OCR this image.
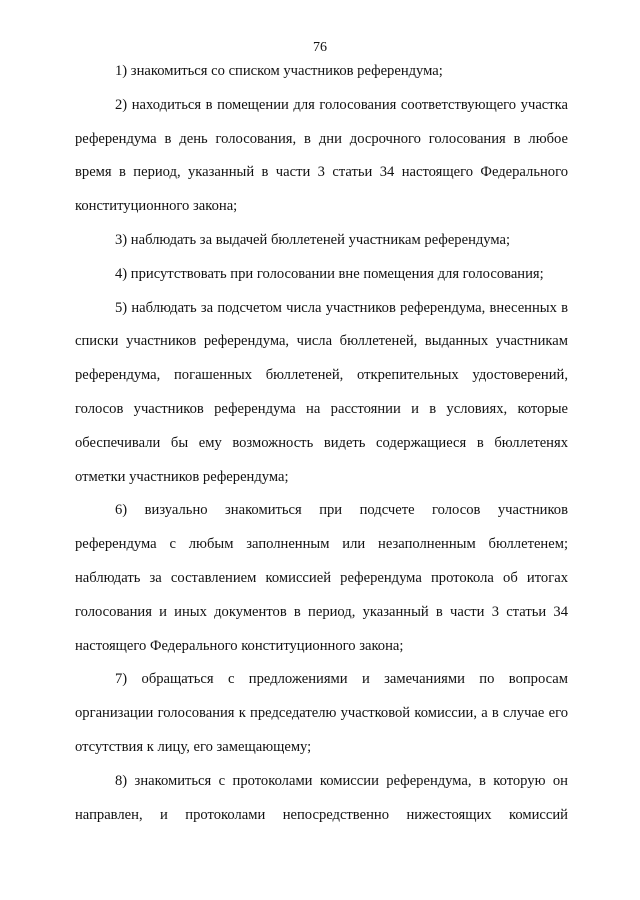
76

1) знакомиться со списком участников референдума;

2) находиться в помещении для голосования соответствующего участка референдума в день голосования, в дни досрочного голосования в любое время в период, указанный в части 3 статьи 34 настоящего Федерального конституционного закона;

3) наблюдать за выдачей бюллетеней участникам референдума;

4) присутствовать при голосовании вне помещения для голосования;

5) наблюдать за подсчетом числа участников референдума, внесенных в списки участников референдума, числа бюллетеней, выданных участникам референдума, погашенных бюллетеней, открепительных удостоверений, голосов участников референдума на расстоянии и в условиях, которые обеспечивали бы ему возможность видеть содержащиеся в бюллетенях отметки участников референдума;

6) визуально знакомиться при подсчете голосов участников референдума с любым заполненным или незаполненным бюллетенем; наблюдать за составлением комиссией референдума протокола об итогах голосования и иных документов в период, указанный в части 3 статьи 34 настоящего Федерального конституционного закона;

7) обращаться с предложениями и замечаниями по вопросам организации голосования к председателю участковой комиссии, а в случае его отсутствия к лицу, его замещающему;

8) знакомиться с протоколами комиссии референдума, в которую он направлен, и протоколами непосредственно нижестоящих комиссий
